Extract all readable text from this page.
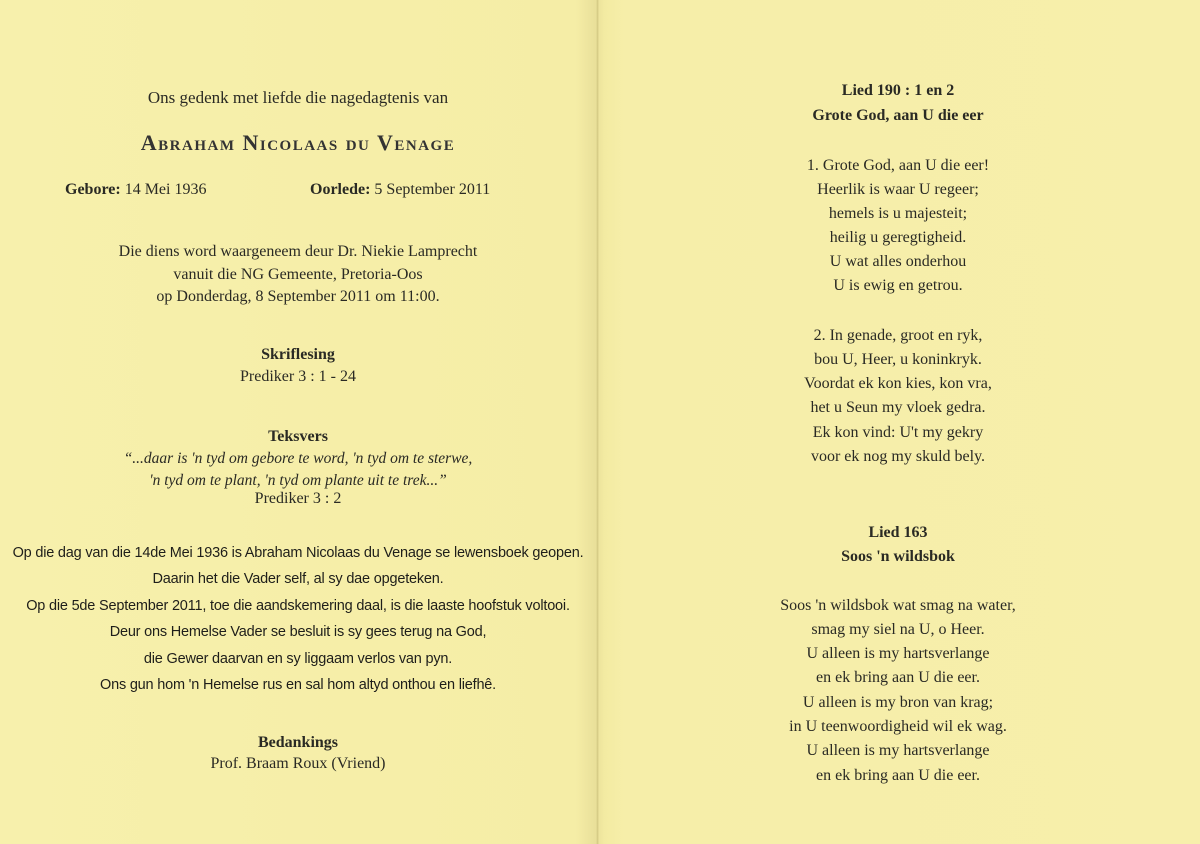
Ons gedenk met liefde die nagedagtenis van
Abraham Nicolaas du Venage
Gebore: 14 Mei 1936	Oorlede: 5 September 2011
Die diens word waargeneem deur Dr. Niekie Lamprecht
vanuit die NG Gemeente, Pretoria-Oos
op Donderdag, 8 September 2011 om 11:00.
Skriflesing
Prediker 3 : 1 - 24
Teksvers
“...daar is 'n tyd om gebore te word, 'n tyd om te sterwe,
'n tyd om te plant, 'n tyd om plante uit te trek...”
Prediker 3 : 2
Op die dag van die 14de Mei 1936 is Abraham Nicolaas du Venage se lewensboek geopen.
Daarin het die Vader self, al sy dae opgeteken.
Op die 5de September 2011, toe die aandskemering daal, is die laaste hoofstuk voltooi.
Deur ons Hemelse Vader se besluit is sy gees terug na God,
die Gewer daarvan en sy liggaam verlos van pyn.
Ons gun hom 'n Hemelse rus en sal hom altyd onthou en liefhê.
Bedankings
Prof. Braam Roux (Vriend)
Lied 190 : 1 en 2
Grote God, aan U die eer
1. Grote God, aan U die eer!
Heerlik is waar U regeer;
hemels is u majesteit;
heilig u geregtigheid.
U wat alles onderhou
U is ewig en getrou.
2. In genade, groot en ryk,
bou U, Heer, u koninkryk.
Voordat ek kon kies, kon vra,
het u Seun my vloek gedra.
Ek kon vind: U't my gekry
voor ek nog my skuld bely.
Lied 163
Soos 'n wildsbok
Soos 'n wildsbok wat smag na water,
smag my siel na U, o Heer.
U alleen is my hartsverlange
en ek bring aan U die eer.
U alleen is my bron van krag;
in U teenwoordigheid wil ek wag.
U alleen is my hartsverlange
en ek bring aan U die eer.
